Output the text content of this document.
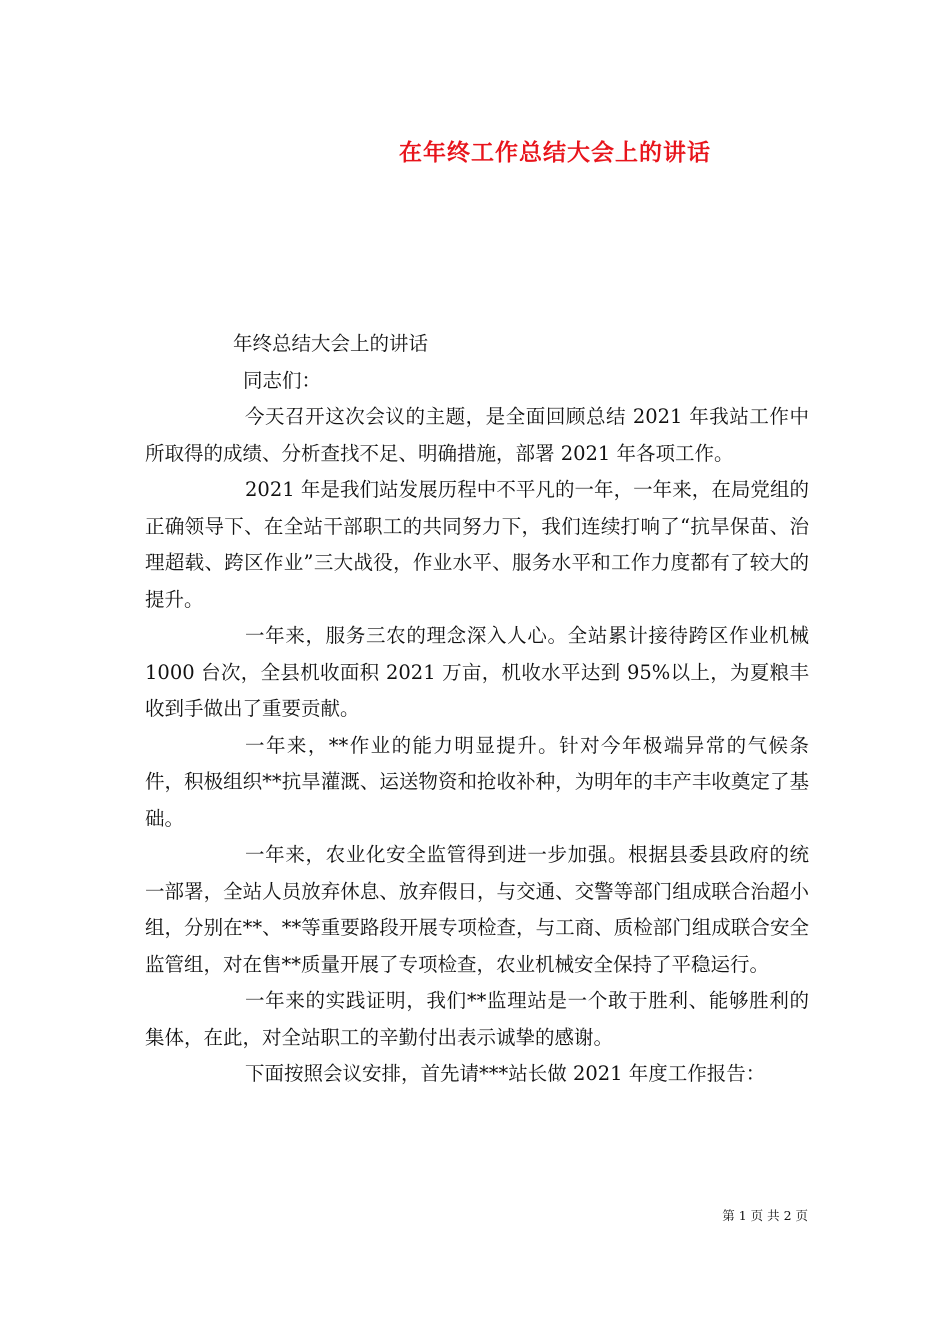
在年终工作总结大会上的讲话

年终总结大会上的讲话

同志们：

今天召开这次会议的主题，是全面回顾总结 2021 年我站工作中所取得的成绩、分析查找不足、明确措施，部署 2021 年各项工作。

2021 年是我们站发展历程中不平凡的一年，一年来，在局党组的正确领导下、在全站干部职工的共同努力下，我们连续打响了“抗旱保苗、治理超载、跨区作业”三大战役，作业水平、服务水平和工作力度都有了较大的提升。

一年来，服务三农的理念深入人心。全站累计接待跨区作业机械 1000 台次，全县机收面积 2021 万亩，机收水平达到 95%以上，为夏粮丰收到手做出了重要贡献。

一年来，**作业的能力明显提升。针对今年极端异常的气候条件，积极组织**抗旱灌溉、运送物资和抢收补种，为明年的丰产丰收奠定了基础。

一年来，农业化安全监管得到进一步加强。根据县委县政府的统一部署，全站人员放弃休息、放弃假日，与交通、交警等部门组成联合治超小组，分别在**、**等重要路段开展专项检查，与工商、质检部门组成联合安全监管组，对在售**质量开展了专项检查，农业机械安全保持了平稳运行。

一年来的实践证明，我们**监理站是一个敢于胜利、能够胜利的集体，在此，对全站职工的辛勤付出表示诚挚的感谢。

下面按照会议安排，首先请***站长做 2021 年度工作报告：

第 1 页 共 2 页
